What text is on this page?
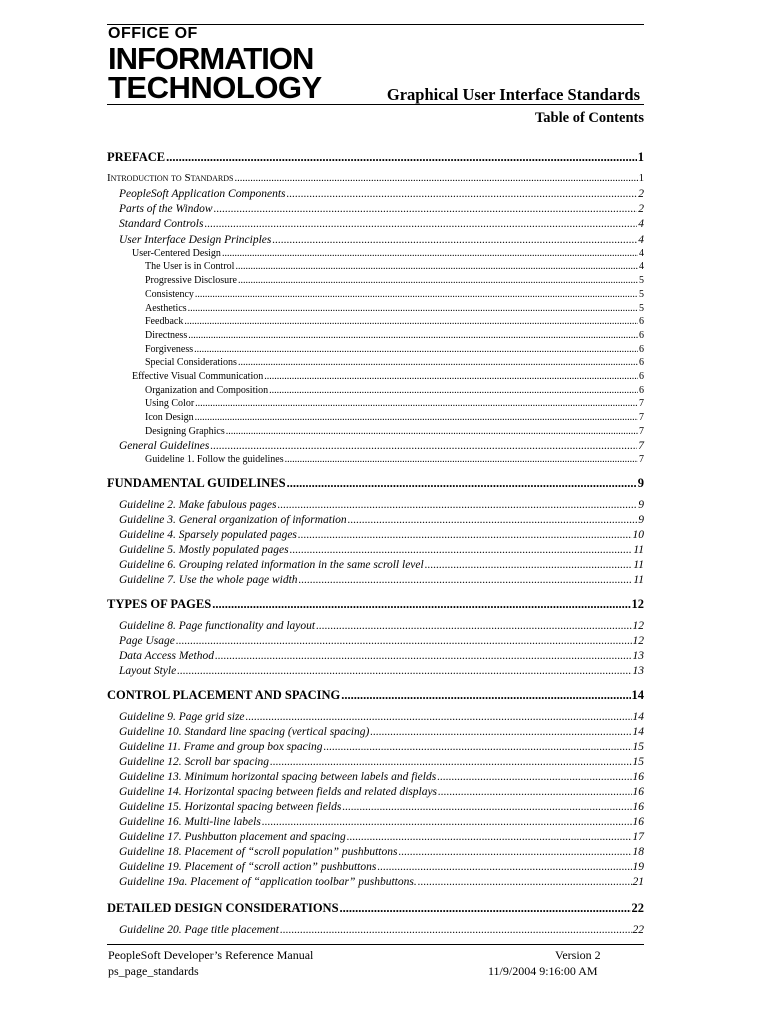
OFFICE OF
INFORMATION
TECHNOLOGY	Graphical User Interface Standards
Table of Contents
PREFACE .....	1
Introduction to Standards .....	1
PeopleSoft Application Components .....	2
Parts of the Window .....	2
Standard Controls .....	4
User Interface Design Principles .....	4
User-Centered Design .....	4
The User is in Control .....	4
Progressive Disclosure .....	5
Consistency .....	5
Aesthetics .....	5
Feedback .....	6
Directness .....	6
Forgiveness .....	6
Special Considerations .....	6
Effective Visual Communication .....	6
Organization and Composition .....	6
Using Color .....	7
Icon Design .....	7
Designing Graphics .....	7
General Guidelines .....	7
Guideline 1. Follow the guidelines .....	7
FUNDAMENTAL GUIDELINES .....	9
Guideline 2. Make fabulous pages .....	9
Guideline 3. General organization of information .....	9
Guideline 4. Sparsely populated pages .....	10
Guideline 5. Mostly populated pages .....	11
Guideline 6. Grouping related information in the same scroll level .....	11
Guideline 7. Use the whole page width .....	11
TYPES OF PAGES .....	12
Guideline 8. Page functionality and layout .....	12
Page Usage .....	12
Data Access Method .....	13
Layout Style .....	13
CONTROL PLACEMENT AND SPACING .....	14
Guideline 9. Page grid size .....	14
Guideline 10. Standard line spacing (vertical spacing) .....	14
Guideline 11. Frame and group box spacing .....	15
Guideline 12. Scroll bar spacing .....	15
Guideline 13. Minimum horizontal spacing between labels and fields .....	16
Guideline 14. Horizontal spacing between fields and related displays .....	16
Guideline 15. Horizontal spacing between fields .....	16
Guideline 16. Multi-line labels .....	16
Guideline 17. Pushbutton placement and spacing .....	17
Guideline 18. Placement of “scroll population” pushbuttons .....	18
Guideline 19. Placement of “scroll action” pushbuttons .....	19
Guideline 19a. Placement of “application toolbar” pushbuttons. .....	21
DETAILED DESIGN CONSIDERATIONS .....	22
Guideline 20. Page title placement .....	22
PeopleSoft Developer’s Reference Manual
ps_page_standards
Version 2
11/9/2004 9:16:00 AM
